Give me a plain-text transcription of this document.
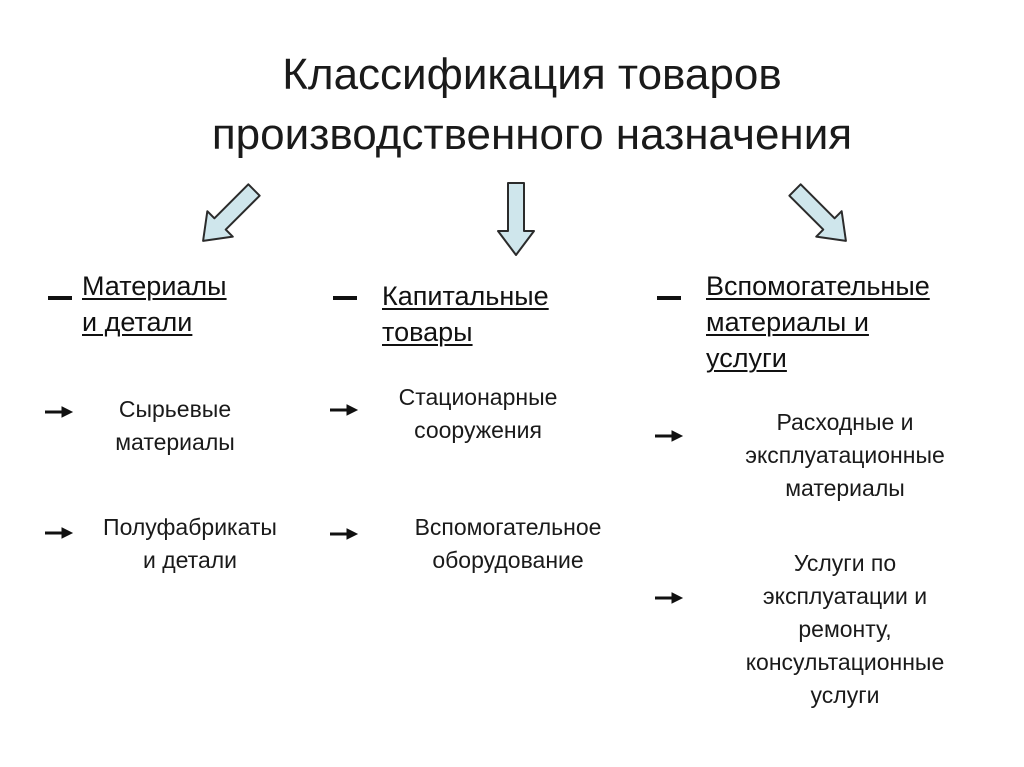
Классификация товаров
производственного назначения
Материалы
и детали
Сырьевые
материалы
Полуфабрикаты
и детали
Капитальные
товары
Стационарные
сооружения
Вспомогательное
оборудование
Вспомогательные
материалы и
услуги
Расходные и
эксплуатационные
материалы
Услуги по
эксплуатации и
ремонту,
консультационные
услуги
